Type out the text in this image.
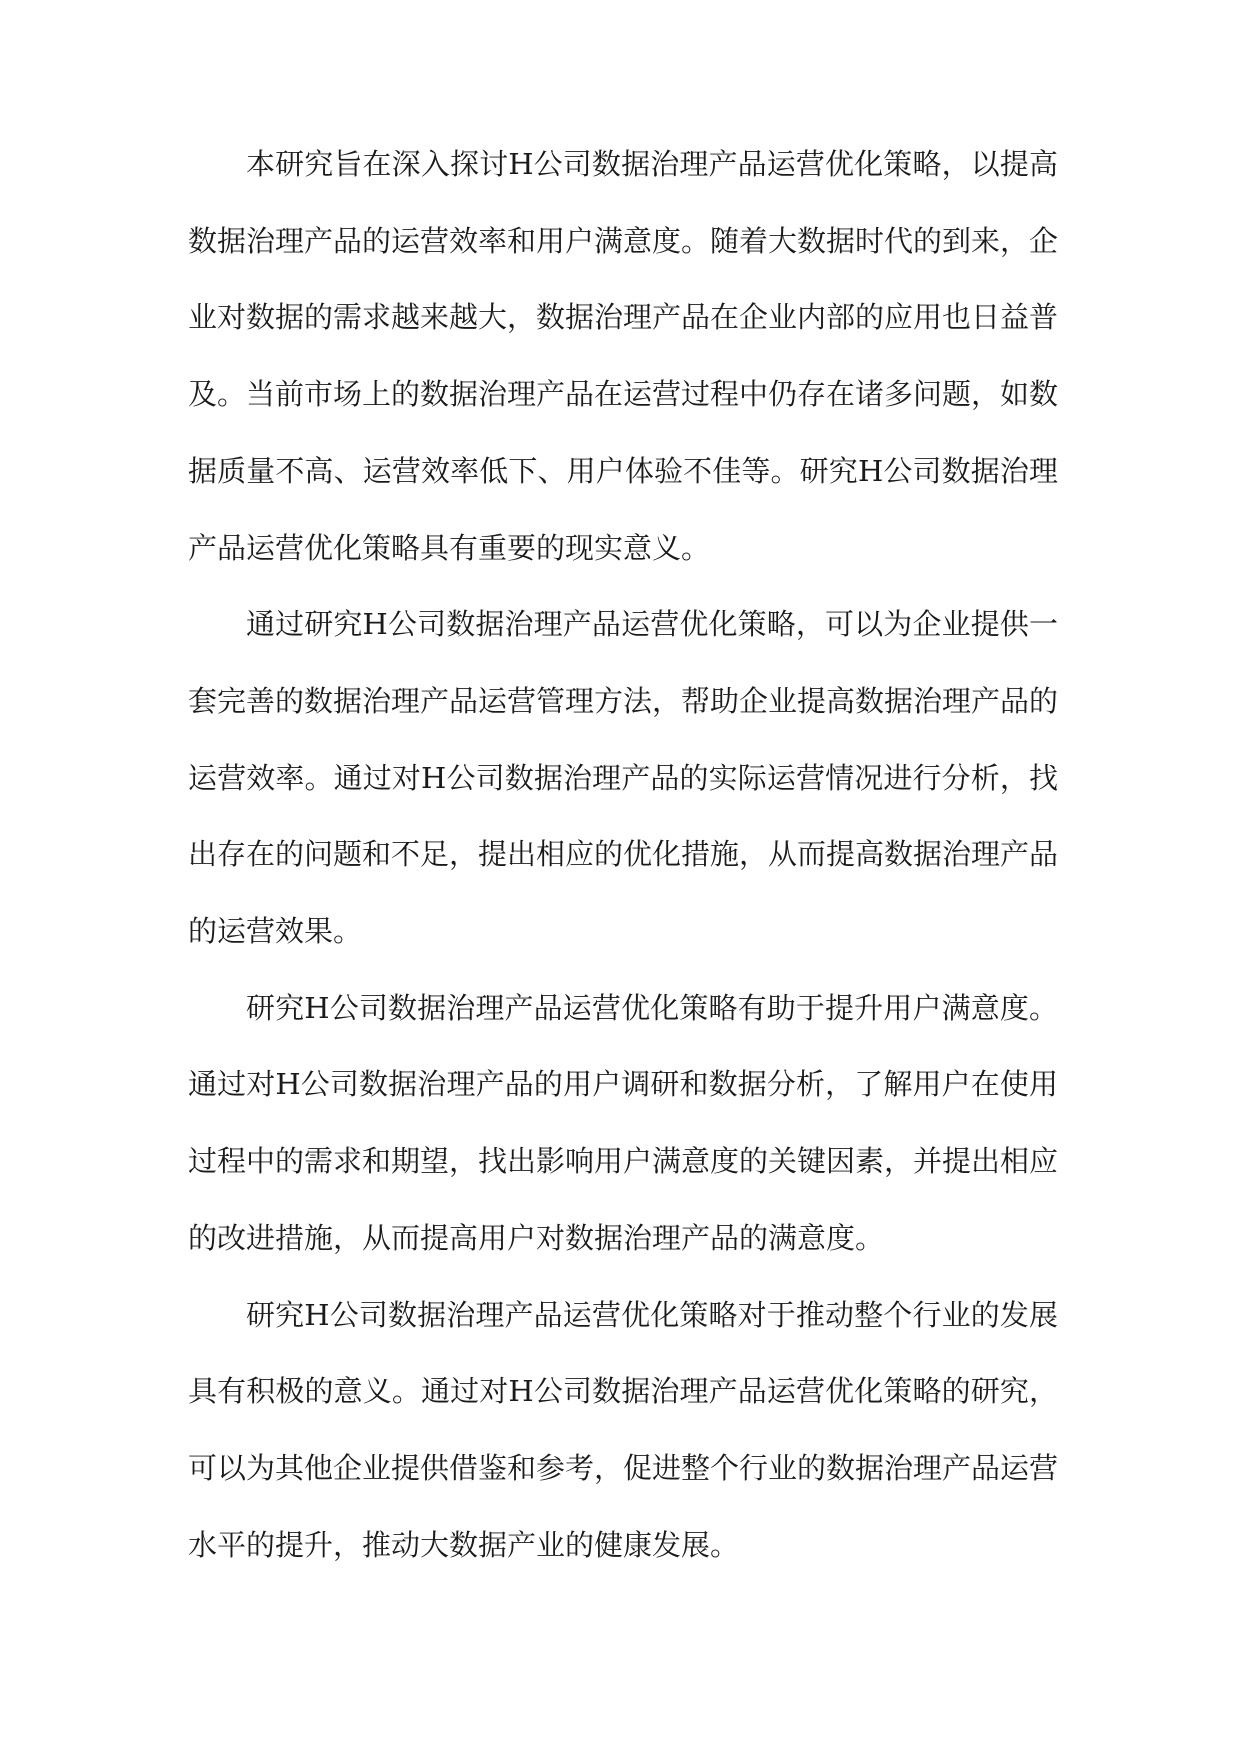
本研究旨在深入探讨H公司数据治理产品运营优化策略，以提高数据治理产品的运营效率和用户满意度。随着大数据时代的到来，企业对数据的需求越来越大，数据治理产品在企业内部的应用也日益普及。当前市场上的数据治理产品在运营过程中仍存在诸多问题，如数据质量不高、运营效率低下、用户体验不佳等。研究H公司数据治理产品运营优化策略具有重要的现实意义。

通过研究H公司数据治理产品运营优化策略，可以为企业提供一套完善的数据治理产品运营管理方法，帮助企业提高数据治理产品的运营效率。通过对H公司数据治理产品的实际运营情况进行分析，找出存在的问题和不足，提出相应的优化措施，从而提高数据治理产品的运营效果。

研究H公司数据治理产品运营优化策略有助于提升用户满意度。通过对H公司数据治理产品的用户调研和数据分析，了解用户在使用过程中的需求和期望，找出影响用户满意度的关键因素，并提出相应的改进措施，从而提高用户对数据治理产品的满意度。

研究H公司数据治理产品运营优化策略对于推动整个行业的发展具有积极的意义。通过对H公司数据治理产品运营优化策略的研究，可以为其他企业提供借鉴和参考，促进整个行业的数据治理产品运营水平的提升，推动大数据产业的健康发展。
